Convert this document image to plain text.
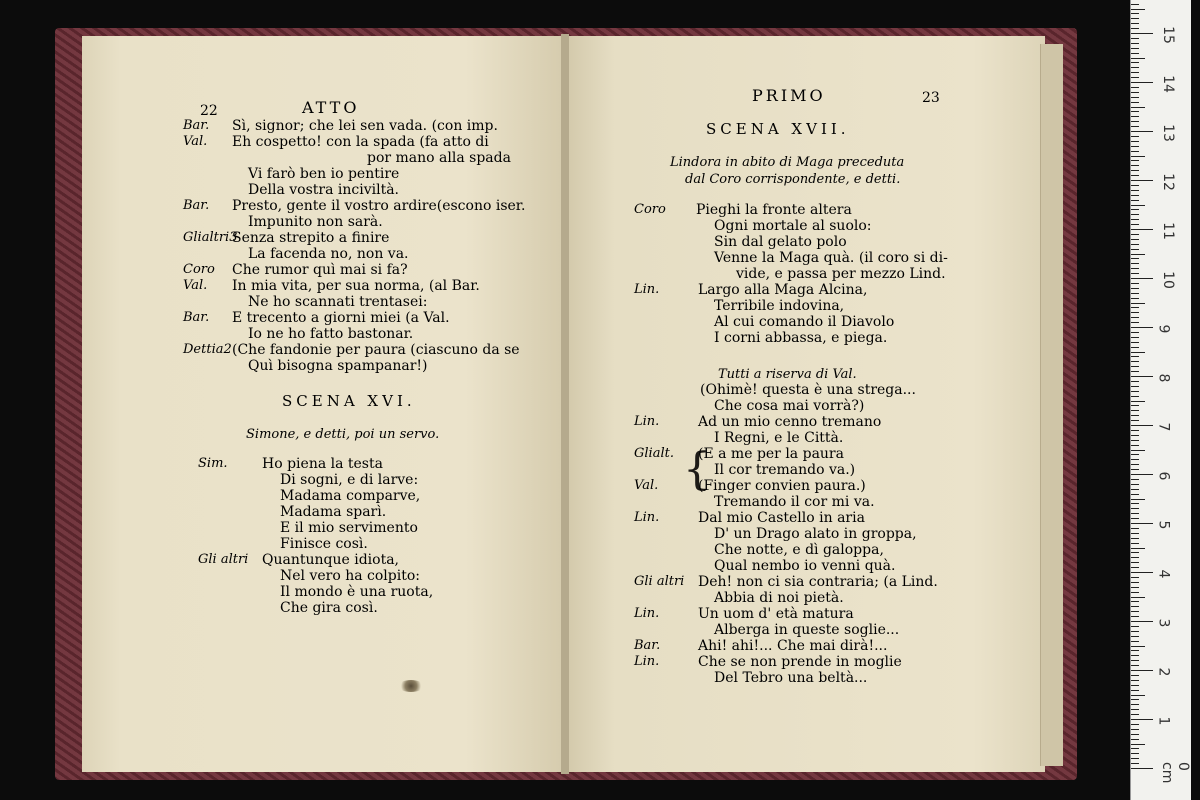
0 cm
1
2
3
4
5
6
7
8
9
10
11
12
13
14
15
22	ATTO
SCENA XVI.
Simone, e detti, poi un servo.
PRIMO	23
SCENA XVII.
Lindora in abito di Maga preceduta
dal Coro corrispondente, e detti.
Tutti a riserva di Val.
{
Bar. Sì, signor; che lei sen vada. (con imp.
Val. Eh cospetto! con la spada (fa atto di
por mano alla spada
Vi farò ben io pentire
Della vostra inciviltà.
Bar. Presto, gente il vostro ardire(escono iser.
Impunito non sarà.
Glialtri3
Senza strepito a finire
La facenda no, non va.
Coro Che rumor quì mai si fa?
Val. In mia vita, per sua norma, (al Bar.
Ne ho scannati trentasei:
Bar. E trecento a giorni miei (a Val.
Io ne ho fatto bastonar.
Dettia2 (Che fandonie per paura (ciascuno da se
Quì bisogna spampanar!)
Sim. Ho piena la testa
Di sogni, e di larve:
Madama comparve,
Madama sparì.
E il mio servimento
Finisce così.
Gli altri Quantunque idiota,
Nel vero ha colpito:
Il mondo è una ruota,
Che gira così.
Coro Pieghi la fronte altera
Ogni mortale al suolo:
Sin dal gelato polo
Venne la Maga quà. (il coro si di-
vide, e passa per mezzo Lind.
Lin.	Largo alla Maga Alcina,
Terribile indovina,
Al cui comando il Diavolo
I corni abbassa, e piega.
(Ohimè! questa è una strega...
Che cosa mai vorrà?)
Lin.	Ad un mio cenno tremano
I Regni, e le Città.
Glialt. (E a me per la paura
Il cor tremando va.)
Val.	(Finger convien paura.)
Tremando il cor mi va.
Lin.	Dal mio Castello in aria
D' un Drago alato in groppa,
Che notte, e dì galoppa,
Qual nembo io venni quà.
Gli altri Deh! non ci sia contraria; (a Lind.
Abbia di noi pietà.
Lin.	Un uom d' età matura
Alberga in queste soglie...
Bar.	Ahi! ahi!... Che mai dirà!...
Lin.	Che se non prende in moglie
Del Tebro una beltà...
